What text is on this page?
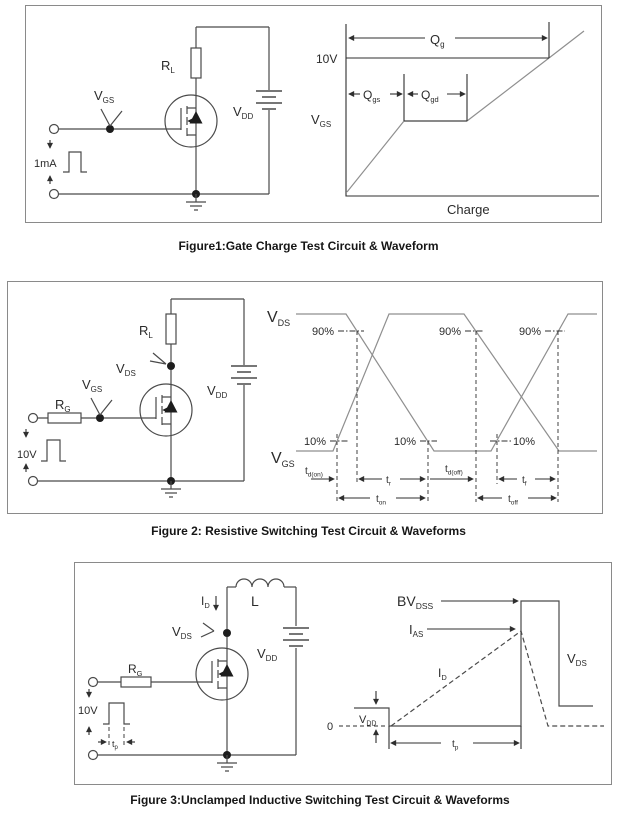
$V_{DD}$
$R_L$
$V_{GS}$
1mA
10V
$Q_g$
$Q_{gs}$	$Q_{gd}$
$V_{GS}$
Charge
Figure1:Gate Charge Test Circuit & Waveform
$V_{DD}$
$R_L$
$V_{DS}$
$R_G$
$V_{GS}$
10V
$V_{DS}$
$V_{GS}$
90%	90%	90%
10%	10%	10%
$t_{d(on)}$	$t_r$
$t_{d(off)}$
$t_f$
$t_{on}$	$t_{off}$
Figure 2: Resistive Switching Test Circuit & Waveforms
L
$V_{DD}$
$I_D$
$V_{DS}$
$R_G$
10V
$t_p$
$BV_{DSS}$
$I_{AS}$
$I_D$
$V_{DS}$
0
$V_{DD}$
$t_p$
Figure 3:Unclamped Inductive Switching Test Circuit & Waveforms
